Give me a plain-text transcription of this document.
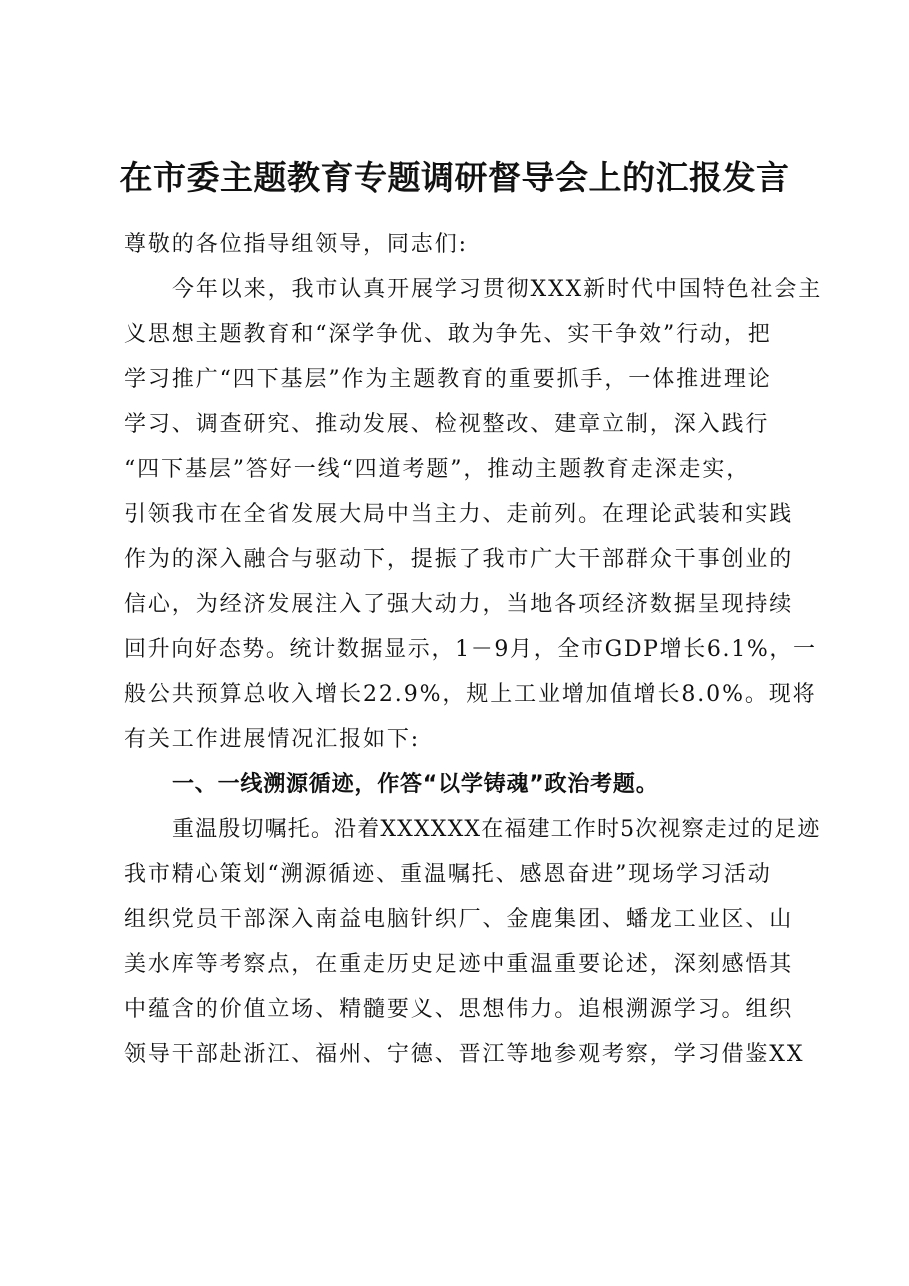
在市委主题教育专题调研督导会上的汇报发言
尊敬的各位指导组领导，同志们:
今年以来，我市认真开展学习贯彻XXX新时代中国特色社会主
义思想主题教育和“深学争优、敢为争先、实干争效”行动，把
学习推广“四下基层”作为主题教育的重要抓手，一体推进理论
学习、调查研究、推动发展、检视整改、建章立制，深入践行
“四下基层”答好一线“四道考题”，推动主题教育走深走实，
引领我市在全省发展大局中当主力、走前列。在理论武装和实践
作为的深入融合与驱动下，提振了我市广大干部群众干事创业的
信心，为经济发展注入了强大动力，当地各项经济数据呈现持续
回升向好态势。统计数据显示，1－9月，全市GDP增长6.1%，一
般公共预算总收入增长22.9%，规上工业增加值增长8.0%。现将
有关工作进展情况汇报如下:
一、一线溯源循迹，作答“以学铸魂”政治考题。
重温殷切嘱托。沿着XXXXXX在福建工作时5次视察走过的足迹
我市精心策划“溯源循迹、重温嘱托、感恩奋进”现场学习活动
组织党员干部深入南益电脑针织厂、金鹿集团、蟠龙工业区、山
美水库等考察点，在重走历史足迹中重温重要论述，深刻感悟其
中蕴含的价值立场、精髓要义、思想伟力。追根溯源学习。组织
领导干部赴浙江、福州、宁德、晋江等地参观考察，学习借鉴XX
